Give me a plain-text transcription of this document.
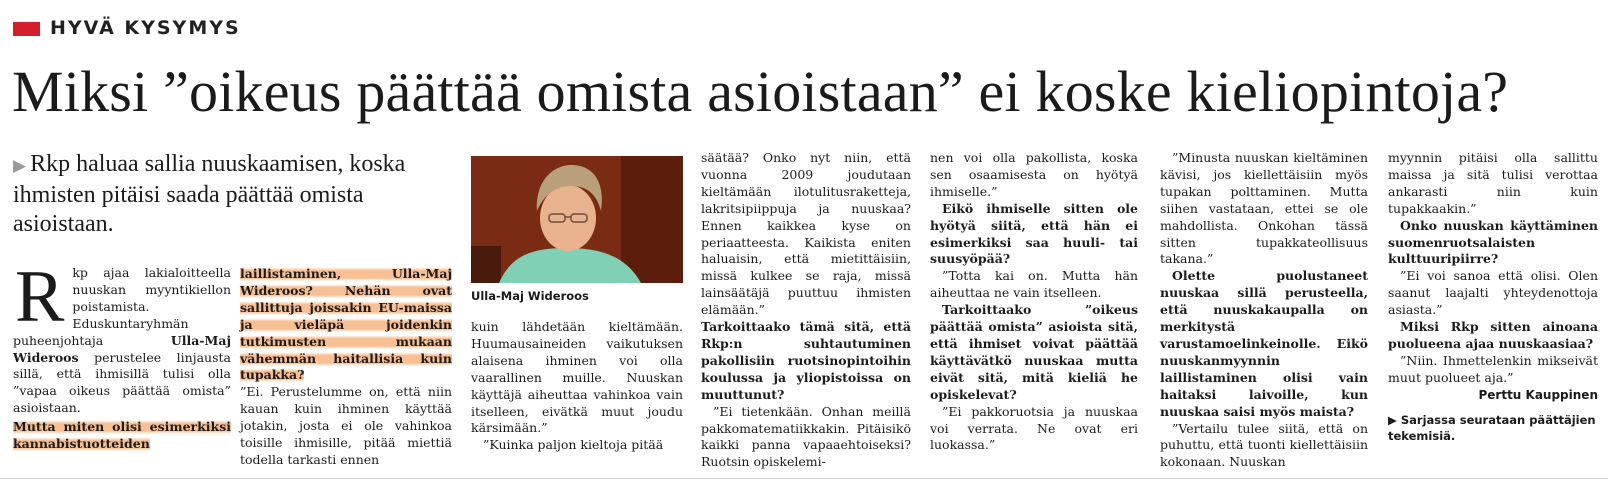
HYVÄ KYSYMYS
Miksi ”oikeus päättää omista asioistaan” ei koske kieliopintoja?
▶ Rkp haluaa sallia nuuskaamisen, koska ihmisten pitäisi saada päättää omista asioistaan.
Ulla-Maj Wideroos

Rkp ajaa lakialoitteella nuuskan myyntikiellon poistamista. Eduskuntaryhmän puheenjohtaja Ulla-Maj Wideroos perustelee linjausta sillä, että ihmisillä tulisi olla ”vapaa oikeus päättää omista” asioistaan.

Mutta miten olisi esimerkiksi kannabistuotteiden

laillistaminen, Ulla-Maj Wideroos? Nehän ovat sallittuja joissakin EU-maissa ja vieläpä joidenkin tutkimusten mukaan vähemmän haitallisia kuin tupakka?

”Ei. Perustelumme on, että niin kauan kuin ihminen käyttää jotakin, josta ei ole vahinkoa toisille ihmisille, pitää miettiä todella tarkasti ennen

kuin lähdetään kieltämään. Huumausaineiden vaikutuksen alaisena ihminen voi olla vaarallinen muille. Nuuskan käyttäjä aiheuttaa vahinkoa vain itselleen, eivätkä muut joudu kärsimään.”

”Kuinka paljon kieltoja pitää

säätää? Onko nyt niin, että vuonna 2009 joudutaan kieltämään ilotulitusraketteja, lakritsipiippuja ja nuuskaa? Ennen kaikkea kyse on periaatteesta. Kaikista eniten haluaisin, että mietittäisiin, missä kulkee se raja, missä lainsäätäjä puuttuu ihmisten elämään.”

Tarkoittaako tämä sitä, että Rkp:n suhtautuminen pakollisiin ruotsinopintoihin koulussa ja yliopistoissa on muuttunut?

”Ei tietenkään. Onhan meillä pakkomatematiikkakin. Pitäisikö kaikki panna vapaaehtoiseksi? Ruotsin opiskelemi-

nen voi olla pakollista, koska sen osaamisesta on hyötyä ihmiselle.”

Eikö ihmiselle sitten ole hyötyä siitä, että hän ei esimerkiksi saa huuli- tai suusyöpää?

”Totta kai on. Mutta hän aiheuttaa ne vain itselleen.

Tarkoittaako ”oikeus päättää omista” asioista sitä, että ihmiset voivat päättää käyttävätkö nuuskaa mutta eivät sitä, mitä kieliä he opiskelevat?

”Ei pakkoruotsia ja nuuskaa voi verrata. Ne ovat eri luokassa.”

”Minusta nuuskan kieltäminen kävisi, jos kiellettäisiin myös tupakan polttaminen. Mutta siihen vastataan, ettei se ole mahdollista. Onkohan tässä sitten tupakkateollisuus takana.”

Olette puolustaneet nuuskaa sillä perusteella, että nuuskakaupalla on merkitystä varustamoelinkeinolle. Eikö nuuskanmyynnin laillistaminen olisi vain haitaksi laivoille, kun nuuskaa saisi myös maista?

”Vertailu tulee siitä, että on puhuttu, että tuonti kiellettäisiin kokonaan. Nuuskan

myynnin pitäisi olla sallittu maissa ja sitä tulisi verottaa ankarasti niin kuin tupakkaakin.”

Onko nuuskan käyttäminen suomenruotsalaisten kulttuuripiirre?

”Ei voi sanoa että olisi. Olen saanut laajalti yhteydenottoja asiasta.”

Miksi Rkp sitten ainoana puolueena ajaa nuuskaasiaa?

”Niin. Ihmettelenkin mikseivät muut puolueet aja.”

Perttu Kauppinen

▶ Sarjassa seurataan päättäjien tekemisiä.
